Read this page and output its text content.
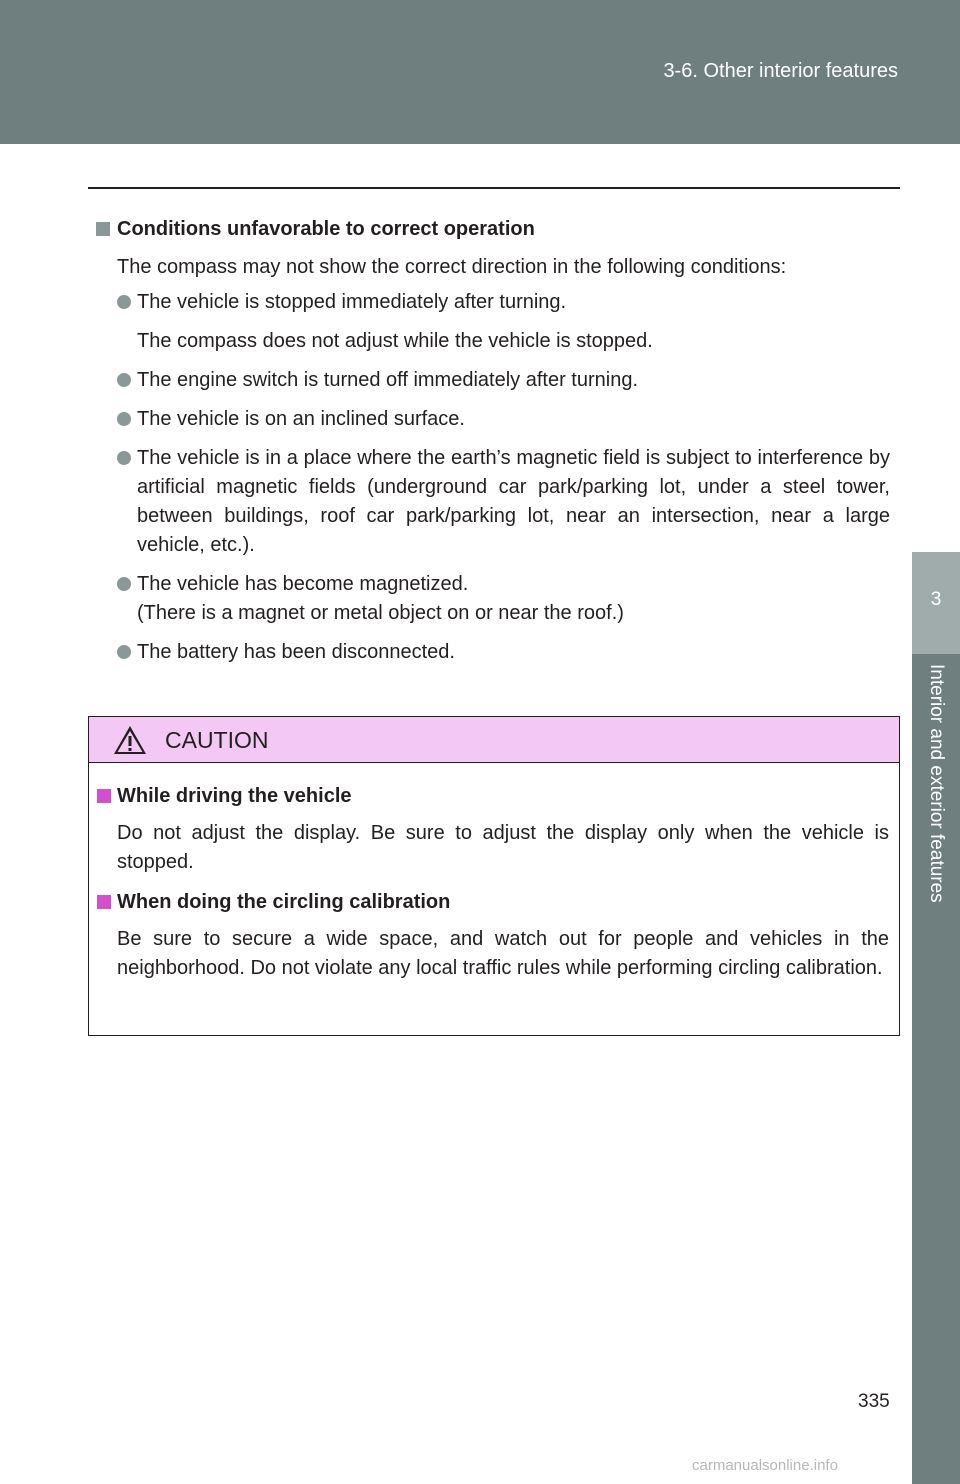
3-6. Other interior features
3
Interior and exterior features
Conditions unfavorable to correct operation

The compass may not show the correct direction in the following conditions:

The vehicle is stopped immediately after turning.
The compass does not adjust while the vehicle is stopped.
The engine switch is turned off immediately after turning.
The vehicle is on an inclined surface.
The vehicle is in a place where the earth’s magnetic field is subject to interference by artificial magnetic fields (underground car park/parking lot, under a steel tower, between buildings, roof car park/parking lot, near an intersection, near a large vehicle, etc.).
The vehicle has become magnetized.
(There is a magnet or metal object on or near the roof.)
The battery has been disconnected.
CAUTION
While driving the vehicle

Do not adjust the display. Be sure to adjust the display only when the vehicle is stopped.

When doing the circling calibration

Be sure to secure a wide space, and watch out for people and vehicles in the neighborhood. Do not violate any local traffic rules while performing circling calibration.

335
carmanualsonline.info
